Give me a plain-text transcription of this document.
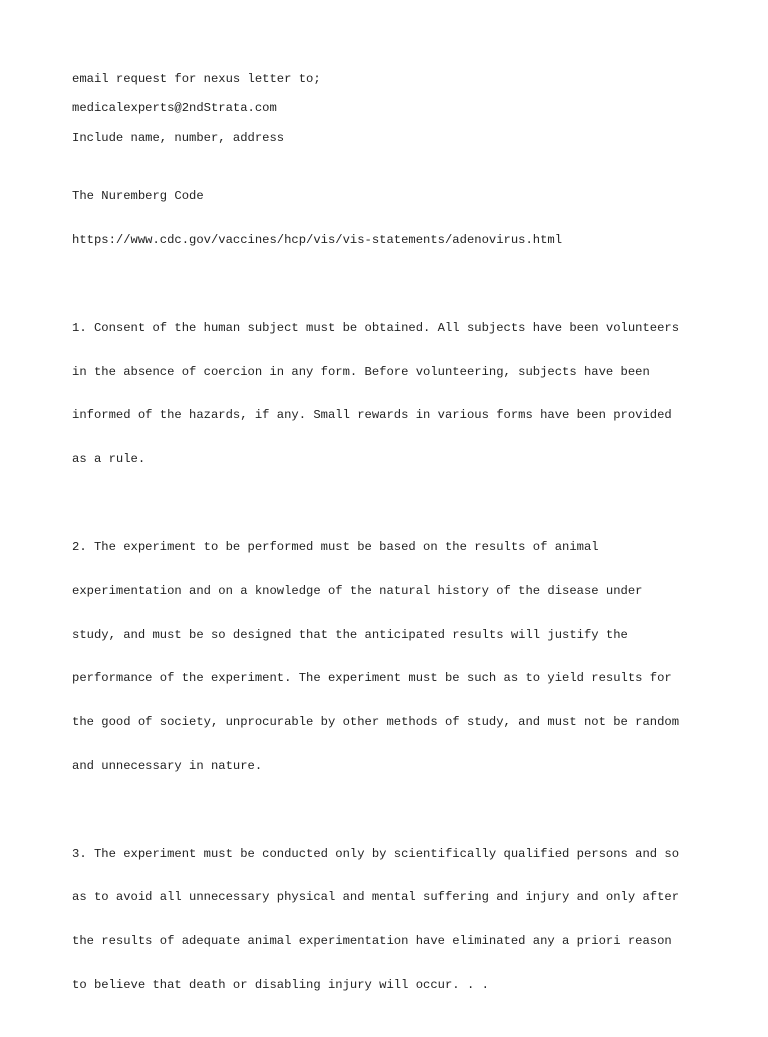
email request for nexus letter to;
medicalexperts@2ndStrata.com
Include name, number, address

The Nuremberg Code

https://www.cdc.gov/vaccines/hcp/vis/vis-statements/adenovirus.html

1. Consent of the human subject must be obtained. All subjects have been volunteers

in the absence of coercion in any form. Before volunteering, subjects have been

informed of the hazards, if any. Small rewards in various forms have been provided

as a rule.

2. The experiment to be performed must be based on the results of animal

experimentation and on a knowledge of the natural history of the disease under

study, and must be so designed that the anticipated results will justify the

performance of the experiment. The experiment must be such as to yield results for

the good of society, unprocurable by other methods of study, and must not be random

and unnecessary in nature.

3. The experiment must be conducted only by scientifically qualified persons and so

as to avoid all unnecessary physical and mental suffering and injury and only after

the results of adequate animal experimentation have eliminated any a priori reason

to believe that death or disabling injury will occur. . .
